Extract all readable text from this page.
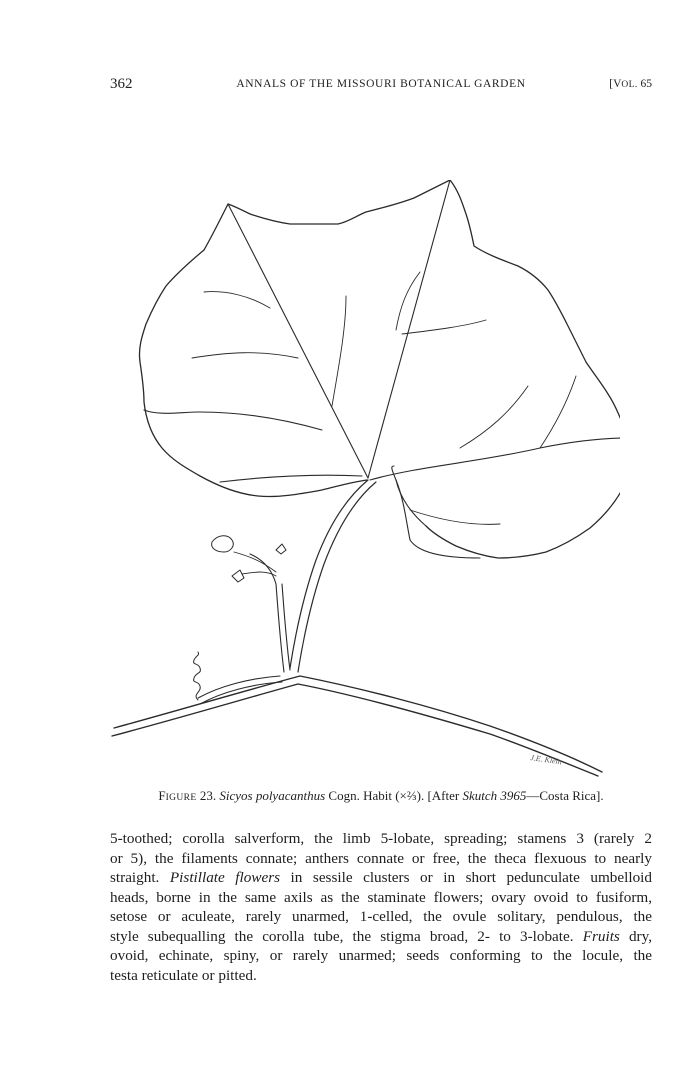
362	ANNALS OF THE MISSOURI BOTANICAL GARDEN	[VOL. 65
J.E. Klein
FIGURE 23. Sicyos polyacanthus Cogn. Habit (×⅔). [After Skutch 3965—Costa Rica].
5-toothed; corolla salverform, the limb 5-lobate, spreading; stamens 3 (rarely 2
or 5), the filaments connate; anthers connate or free, the theca flexuous to nearly
straight. Pistillate flowers in sessile clusters or in short pedunculate umbelloid
heads, borne in the same axils as the staminate flowers; ovary ovoid to fusiform,
setose or aculeate, rarely unarmed, 1-celled, the ovule solitary, pendulous, the
style subequalling the corolla tube, the stigma broad, 2- to 3-lobate. Fruits dry,
ovoid, echinate, spiny, or rarely unarmed; seeds conforming to the locule, the
testa reticulate or pitted.
